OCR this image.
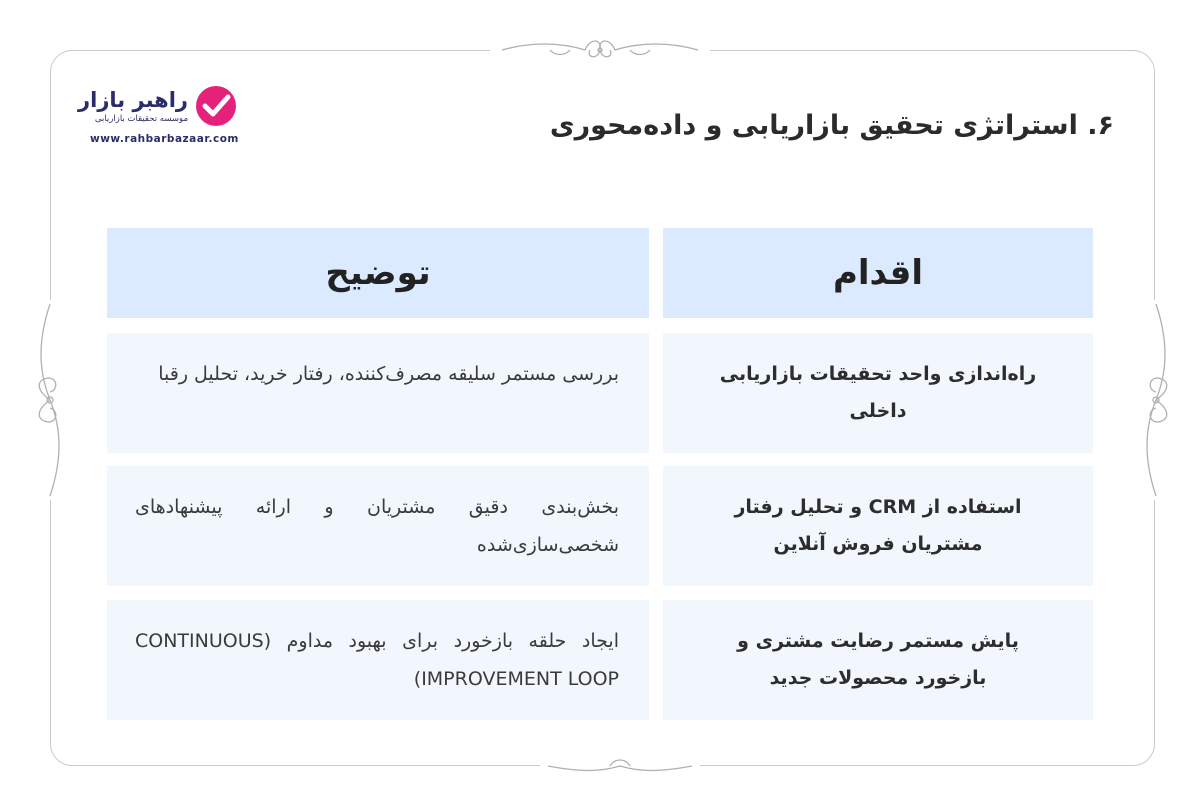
راهبر بازار
موسسه تحقیقات بازاریابی
www.rahbarbazaar.com	۶. استراتژی تحقیق بازاریابی و داده‌محوری
اقدام
توضیح
راه‌اندازی واحد تحقیقات بازاریابی داخلی
بررسی مستمر سلیقه مصرف‌کننده، رفتار خرید، تحلیل رقبا
استفاده از CRM و تحلیل رفتار مشتریان فروش آنلاین
بخش‌بندی دقیق مشتریان و ارائه پیشنهادهای شخصی‌سازی‌شده
پایش مستمر رضایت مشتری و بازخورد محصولات جدید
ایجاد حلقه بازخورد برای بهبود مداوم (CONTINUOUS IMPROVEMENT LOOP)
